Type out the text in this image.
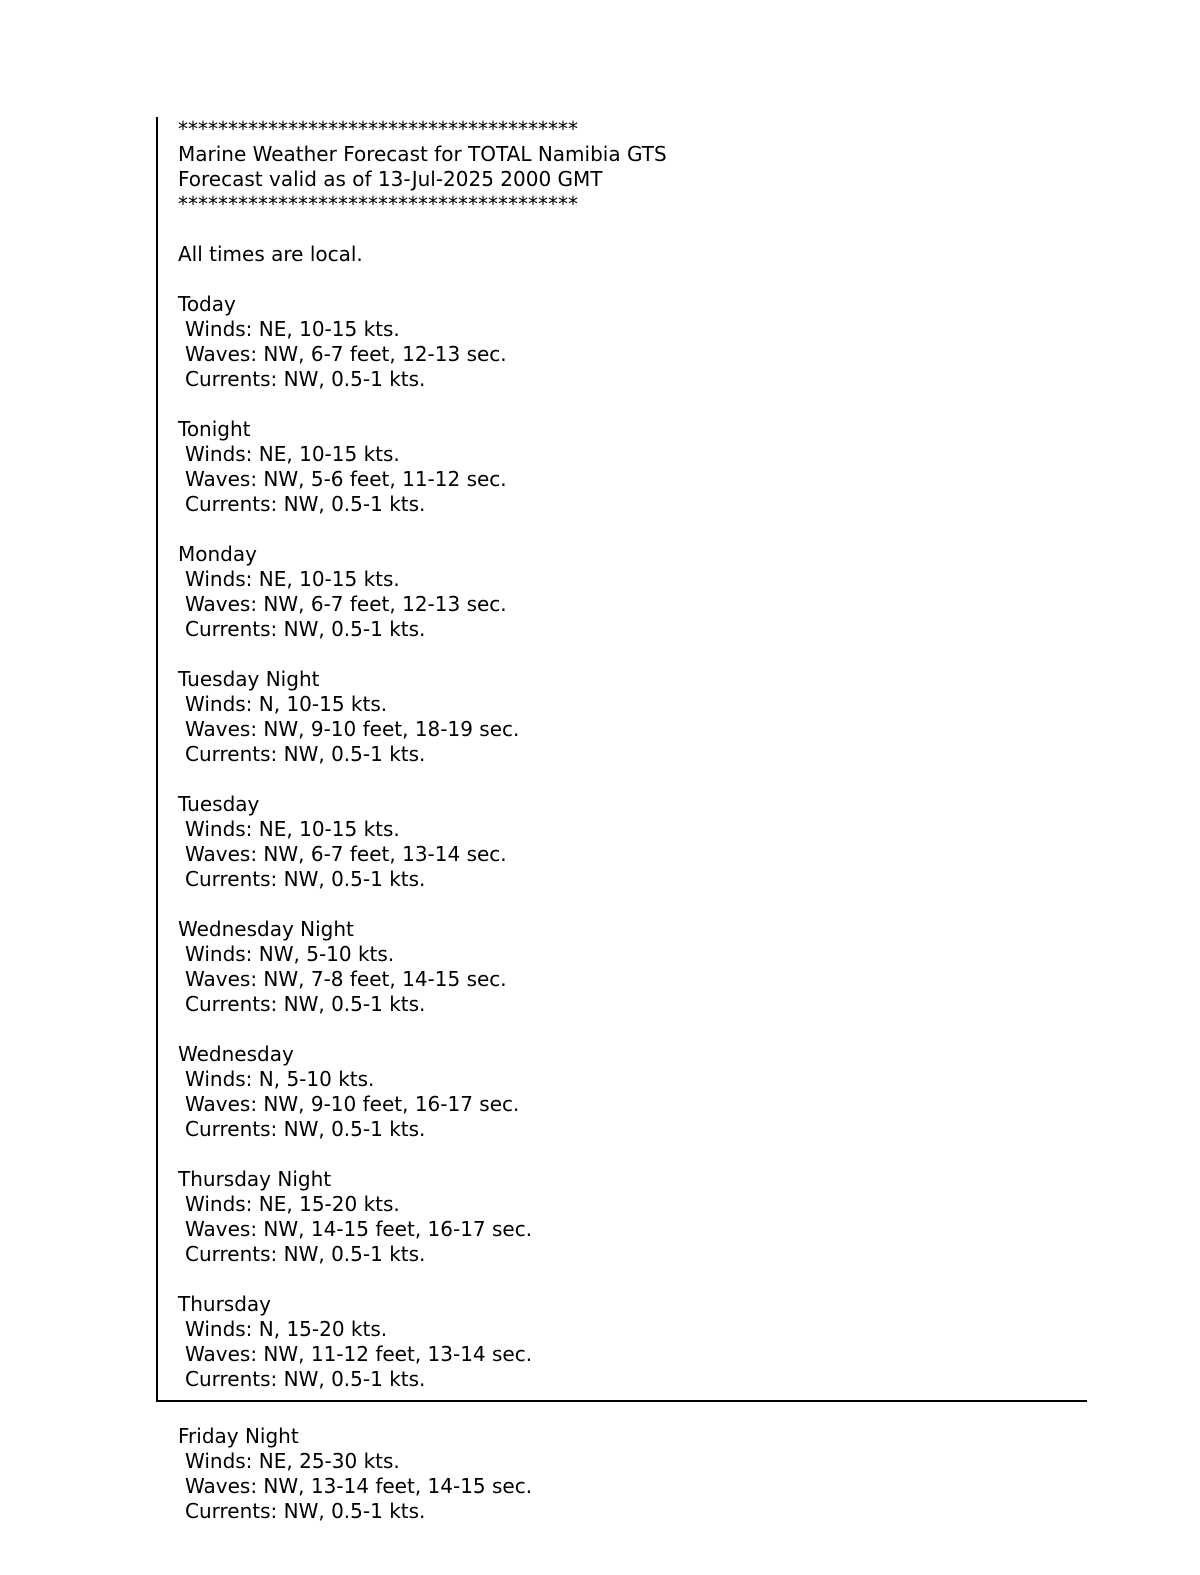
****************************************
Marine Weather Forecast for TOTAL Namibia GTS
Forecast valid as of 13-Jul-2025 2000 GMT
****************************************
All times are local.
Today
Winds: NE, 10-15 kts.
Waves: NW, 6-7 feet, 12-13 sec.
Currents: NW, 0.5-1 kts.
Tonight
Winds: NE, 10-15 kts.
Waves: NW, 5-6 feet, 11-12 sec.
Currents: NW, 0.5-1 kts.
Monday
Winds: NE, 10-15 kts.
Waves: NW, 6-7 feet, 12-13 sec.
Currents: NW, 0.5-1 kts.
Tuesday Night
Winds: N, 10-15 kts.
Waves: NW, 9-10 feet, 18-19 sec.
Currents: NW, 0.5-1 kts.
Tuesday
Winds: NE, 10-15 kts.
Waves: NW, 6-7 feet, 13-14 sec.
Currents: NW, 0.5-1 kts.
Wednesday Night
Winds: NW, 5-10 kts.
Waves: NW, 7-8 feet, 14-15 sec.
Currents: NW, 0.5-1 kts.
Wednesday
Winds: N, 5-10 kts.
Waves: NW, 9-10 feet, 16-17 sec.
Currents: NW, 0.5-1 kts.
Thursday Night
Winds: NE, 15-20 kts.
Waves: NW, 14-15 feet, 16-17 sec.
Currents: NW, 0.5-1 kts.
Thursday
Winds: N, 15-20 kts.
Waves: NW, 11-12 feet, 13-14 sec.
Currents: NW, 0.5-1 kts.
Friday Night
Winds: NE, 25-30 kts.
Waves: NW, 13-14 feet, 14-15 sec.
Currents: NW, 0.5-1 kts.
